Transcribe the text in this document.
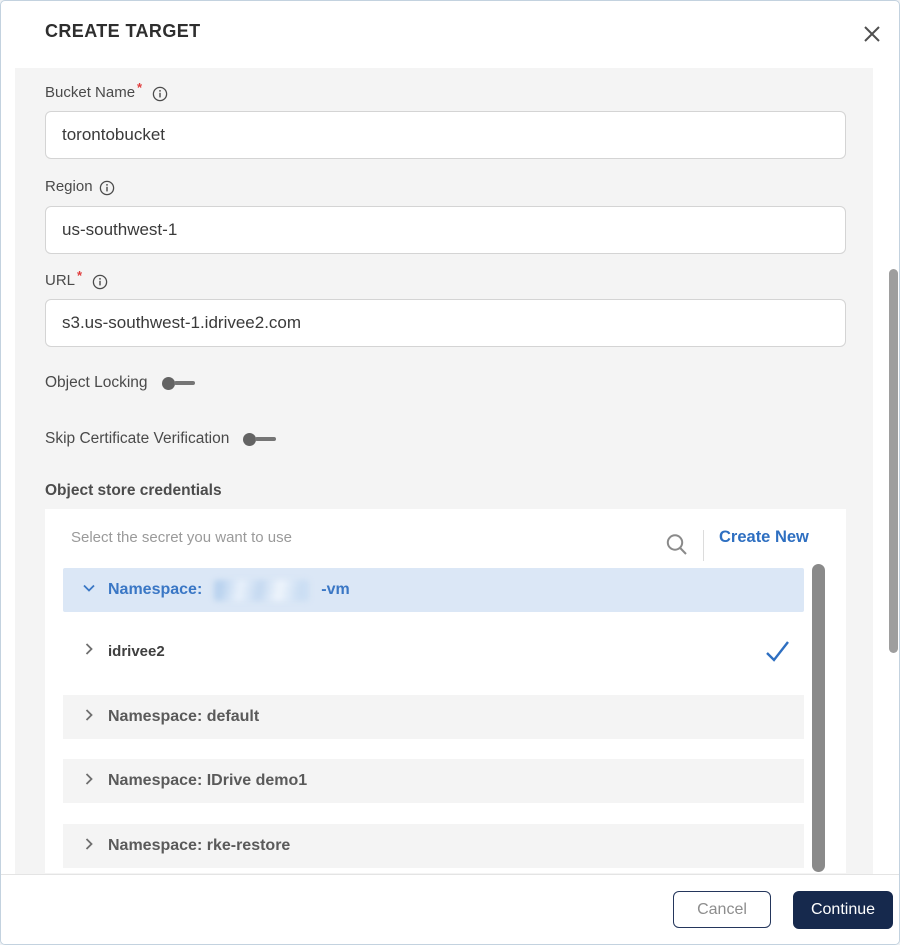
CREATE TARGET
Bucket Name *
torontobucket
Region
us-southwest-1
URL *
s3.us-southwest-1.idrivee2.com
Object Locking
Skip Certificate Verification
Object store credentials
Select the secret you want to use
Create New
Namespace:	-vm
idrivee2
Namespace: default
Namespace: IDrive demo1
Namespace: rke-restore
Cancel	Continue
